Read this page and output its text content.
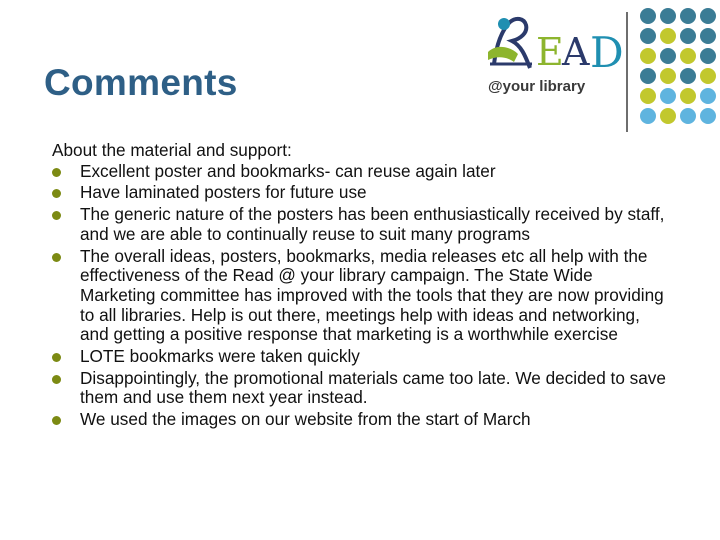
Comments
E
A D
@your library

About the material and support:

Excellent poster and bookmarks- can reuse again later
Have laminated posters for future use
The generic nature of the posters has been enthusiastically received by staff, and we are able to continually reuse to suit many programs
The overall ideas, posters, bookmarks, media releases etc all help with the effectiveness of the Read @ your library campaign. The State Wide Marketing committee has improved with the tools that they are now providing to all libraries. Help is out there, meetings help with ideas and networking, and getting a positive response that marketing is a worthwhile exercise
LOTE bookmarks were taken quickly
Disappointingly, the promotional materials came too late. We decided to save them and use them next year instead.
We used the images on our website from the start of March
